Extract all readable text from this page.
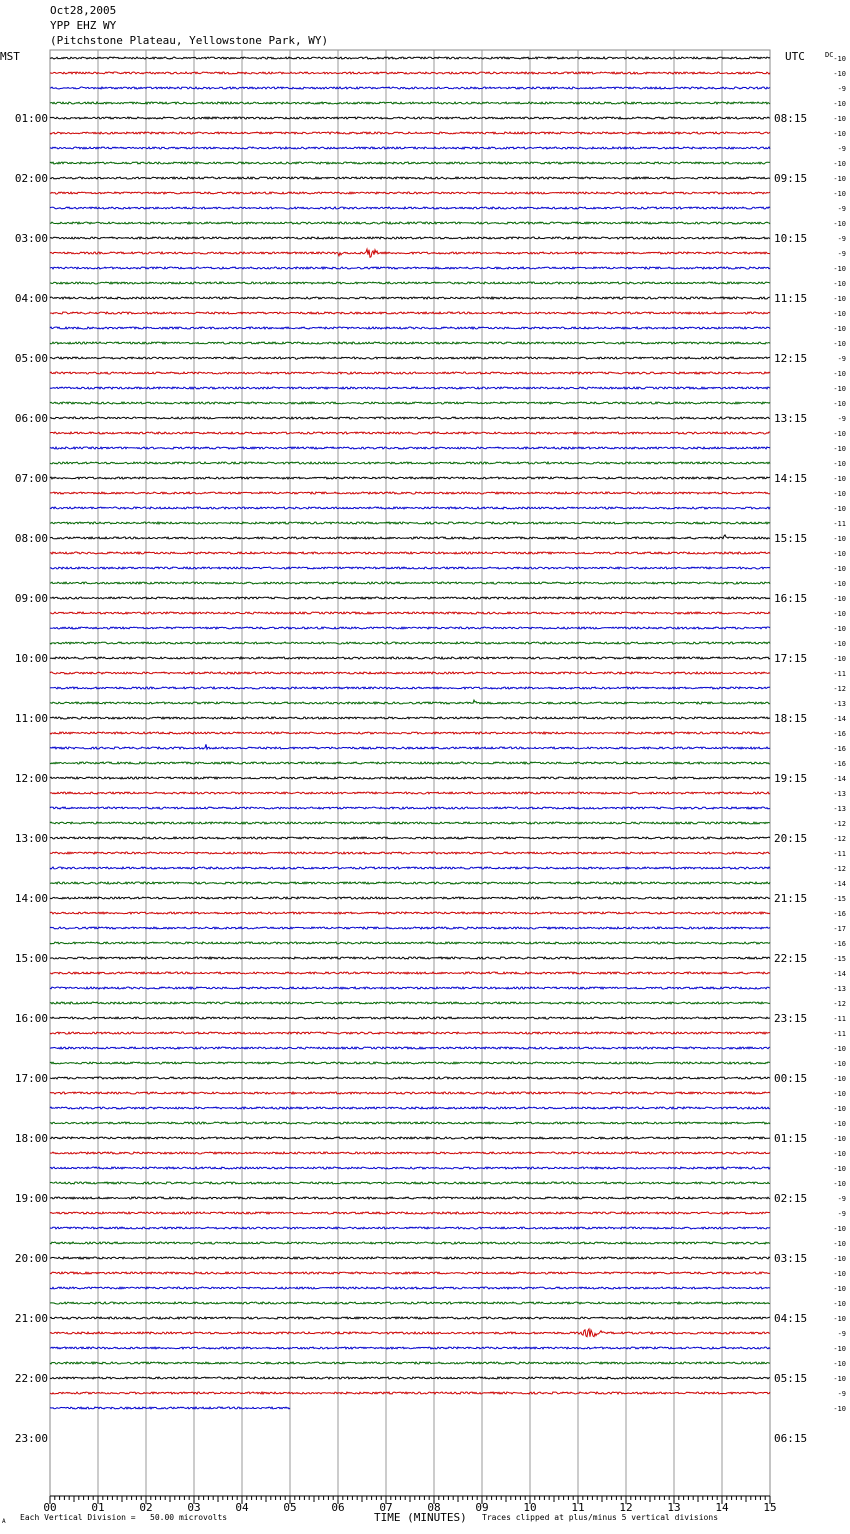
Oct28,2005
YPP EHZ WY
(Pitchstone Plateau, Yellowstone Park, WY)
-10
-10
-9
-10
-10
-10
-9
-10
-10
-10
-9
-10
-9
-9
-10
-10
-10
-10
-10
-10
-9
-10
-10
-10
-9
-10
-10
-10
-10
-10
-10
-11
-10
-10
-10
-10
-10
-10
-10
-10
-10
-11
-12
-13
-14
-16
-16
-16
-14
-13
-13
-12
-12
-11
-12
-14
-15
-16
-17
-16
-15
-14
-13
-12
-11
-11
-10
-10
-10
-10
-10
-10
-10
-10
-10
-10
-9
-9
-10
-10
-10
-10
-10
-10
-10
-9
-10
-10
-10
-9
-10
01:00	08:15
02:00	09:15
03:00	10:15
04:00	11:15
05:00	12:15
06:00	13:15
07:00	14:15
08:00	15:15
09:00	16:15
10:00	17:15
11:00	18:15
12:00	19:15
13:00	20:15
14:00	21:15
15:00	22:15
16:00	23:15
17:00	00:15
18:00	01:15
19:00	02:15
20:00	03:15
21:00	04:15
22:00	05:15
23:00	06:15
00	01	02	03	04	05	06	07	08	09	10	11	12	13	14	15
MST	UTC	DC
A Each Vertical Division =   50.00 microvolts	TIME (MINUTES) Traces clipped at plus/minus 5 vertical divisions
